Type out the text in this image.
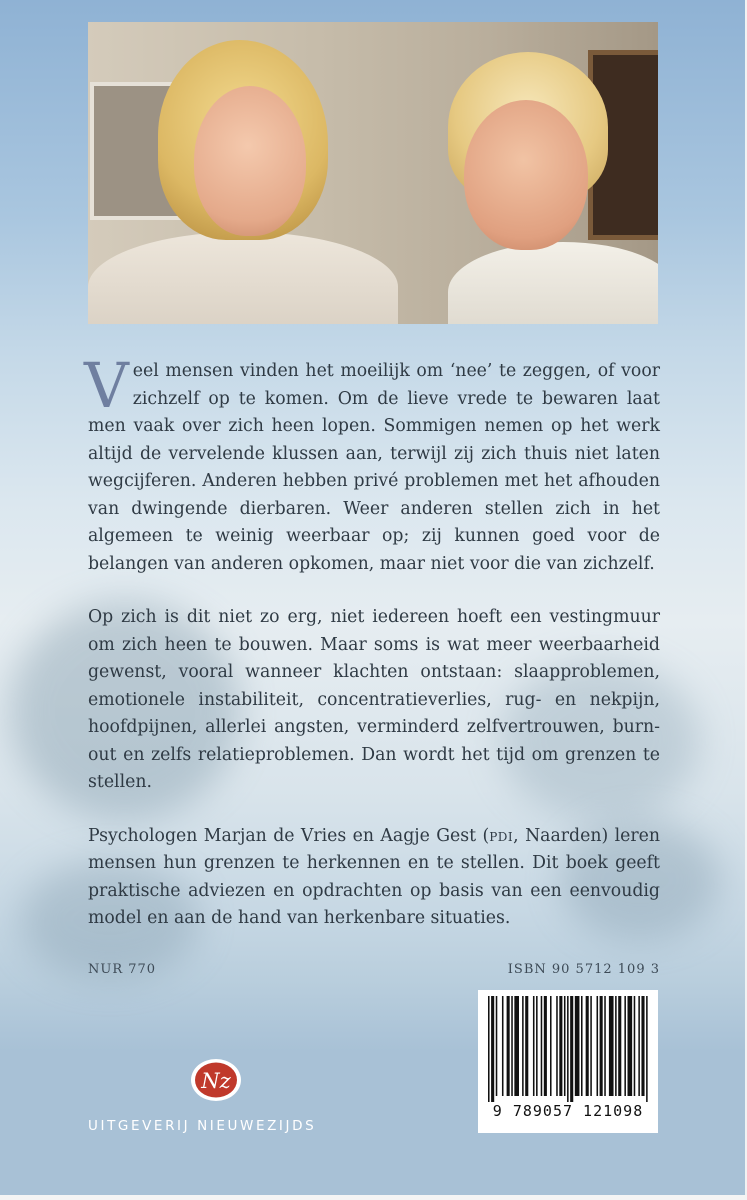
Veel mensen vinden het moeilijk om ‘nee’ te zeggen, of voor zichzelf op te komen. Om de lieve vrede te bewaren laat men vaak over zich heen lopen. Sommigen nemen op het werk altijd de vervelende klussen aan, terwijl zij zich thuis niet laten wegcijferen. Anderen hebben privé problemen met het afhouden van dwingende dierbaren. Weer anderen stellen zich in het algemeen te weinig weerbaar op; zij kunnen goed voor de belangen van anderen opkomen, maar niet voor die van zichzelf.

Op zich is dit niet zo erg, niet iedereen hoeft een vestingmuur om zich heen te bouwen. Maar soms is wat meer weerbaarheid gewenst, vooral wanneer klachten ontstaan: slaapproblemen, emotionele instabiliteit, concentratieverlies, rug- en nekpijn, hoofdpijnen, allerlei angsten, verminderd zelfvertrouwen, burn-out en zelfs relatieproblemen. Dan wordt het tijd om grenzen te stellen.

Psychologen Marjan de Vries en Aagje Gest (pdi, Naarden) leren mensen hun grenzen te herkennen en te stellen. Dit boek geeft praktische adviezen en opdrachten op basis van een eenvoudig model en aan de hand van herkenbare situaties.

NUR 770	ISBN 90 5712 109 3
9 789057 121098
Nz
UITGEVERIJ NIEUWEZIJDS
